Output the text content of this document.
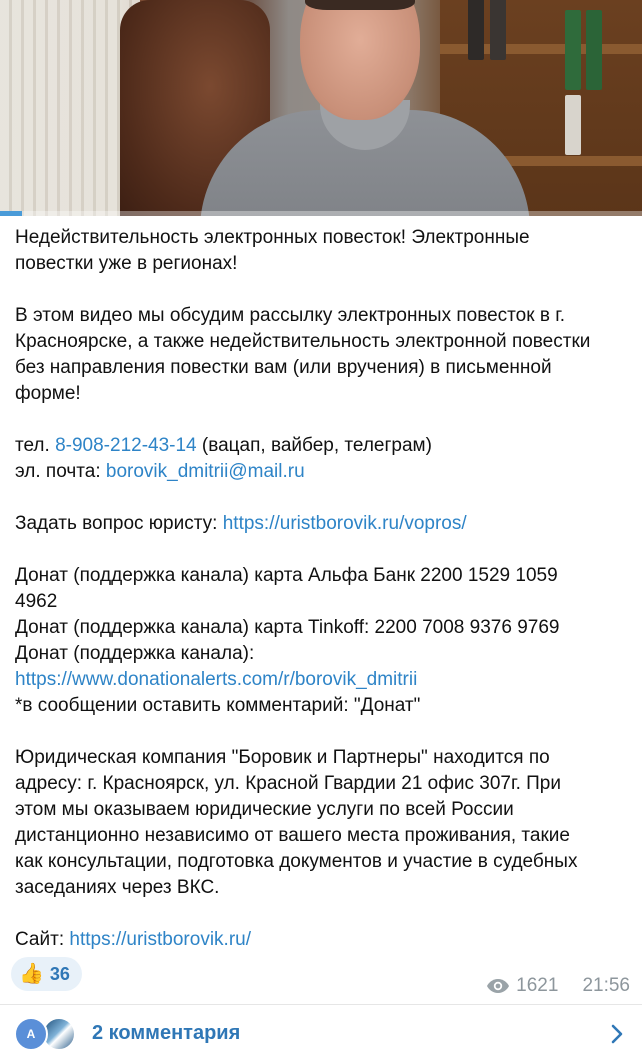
Недействительность электронных повесток! Электронные

повестки уже в регионах!

В этом видео мы обсудим рассылку электронных повесток в г.

Красноярске, а также недействительность электронной повестки

без направления повестки вам (или вручения) в письменной

форме!

тел. 8-908-212-43-14 (вацап, вайбер, телеграм)

эл. почта: borovik_dmitrii@mail.ru

Задать вопрос юристу: https://uristborovik.ru/vopros/

Донат (поддержка канала) карта Альфа Банк 2200 1529 1059

4962

Донат (поддержка канала) карта Tinkoff: 2200 7008 9376 9769

Донат (поддержка канала):

https://www.donationalerts.com/r/borovik_dmitrii

*в сообщении оставить комментарий: "Донат"

Юридическая компания "Боровик и Партнеры" находится по

адресу: г. Красноярск, ул. Красной Гвардии 21 офис 307г. При

этом мы оказываем юридические услуги по всей России

дистанционно независимо от вашего места проживания, такие

как консультации, подготовка документов и участие в судебных

заседаниях через ВКС.

Сайт: https://uristborovik.ru/

👍 36
1621 21:56
A	2 комментария
